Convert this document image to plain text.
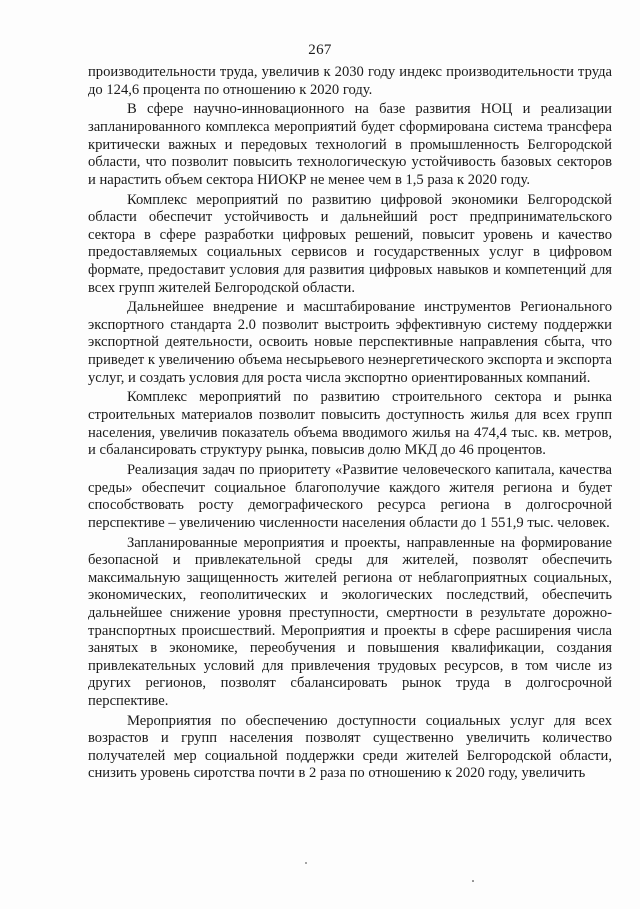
267

производительности труда, увеличив к 2030 году индекс производительности труда до 124,6 процента по отношению к 2020 году.

В сфере научно-инновационного на базе развития НОЦ и реализации запланированного комплекса мероприятий будет сформирована система трансфера критически важных и передовых технологий в промышленность Белгородской области, что позволит повысить технологическую устойчивость базовых секторов и нарастить объем сектора НИОКР не менее чем в 1,5 раза к 2020 году.

Комплекс мероприятий по развитию цифровой экономики Белгородской области обеспечит устойчивость и дальнейший рост предпринимательского сектора в сфере разработки цифровых решений, повысит уровень и качество предоставляемых социальных сервисов и государственных услуг в цифровом формате, предоставит условия для развития цифровых навыков и компетенций для всех групп жителей Белгородской области.

Дальнейшее внедрение и масштабирование инструментов Регионального экспортного стандарта 2.0 позволит выстроить эффективную систему поддержки экспортной деятельности, освоить новые перспективные направления сбыта, что приведет к увеличению объема несырьевого неэнергетического экспорта и экспорта услуг, и создать условия для роста числа экспортно ориентированных компаний.

Комплекс мероприятий по развитию строительного сектора и рынка строительных материалов позволит повысить доступность жилья для всех групп населения, увеличив показатель объема вводимого жилья на 474,4 тыс. кв. метров, и сбалансировать структуру рынка, повысив долю МКД до 46 процентов.

Реализация задач по приоритету «Развитие человеческого капитала, качества среды» обеспечит социальное благополучие каждого жителя региона и будет способствовать росту демографического ресурса региона в долгосрочной перспективе – увеличению численности населения области до 1 551,9 тыс. человек.

Запланированные мероприятия и проекты, направленные на формирование безопасной и привлекательной среды для жителей, позволят обеспечить максимальную защищенность жителей региона от неблагоприятных социальных, экономических, геополитических и экологических последствий, обеспечить дальнейшее снижение уровня преступности, смертности в результате дорожно-транспортных происшествий. Мероприятия и проекты в сфере расширения числа занятых в экономике, переобучения и повышения квалификации, создания привлекательных условий для привлечения трудовых ресурсов, в том числе из других регионов, позволят сбалансировать рынок труда в долгосрочной перспективе.

Мероприятия по обеспечению доступности социальных услуг для всех возрастов и групп населения позволят существенно увеличить количество получателей мер социальной поддержки среди жителей Белгородской области, снизить уровень сиротства почти в 2 раза по отношению к 2020 году, увеличить
